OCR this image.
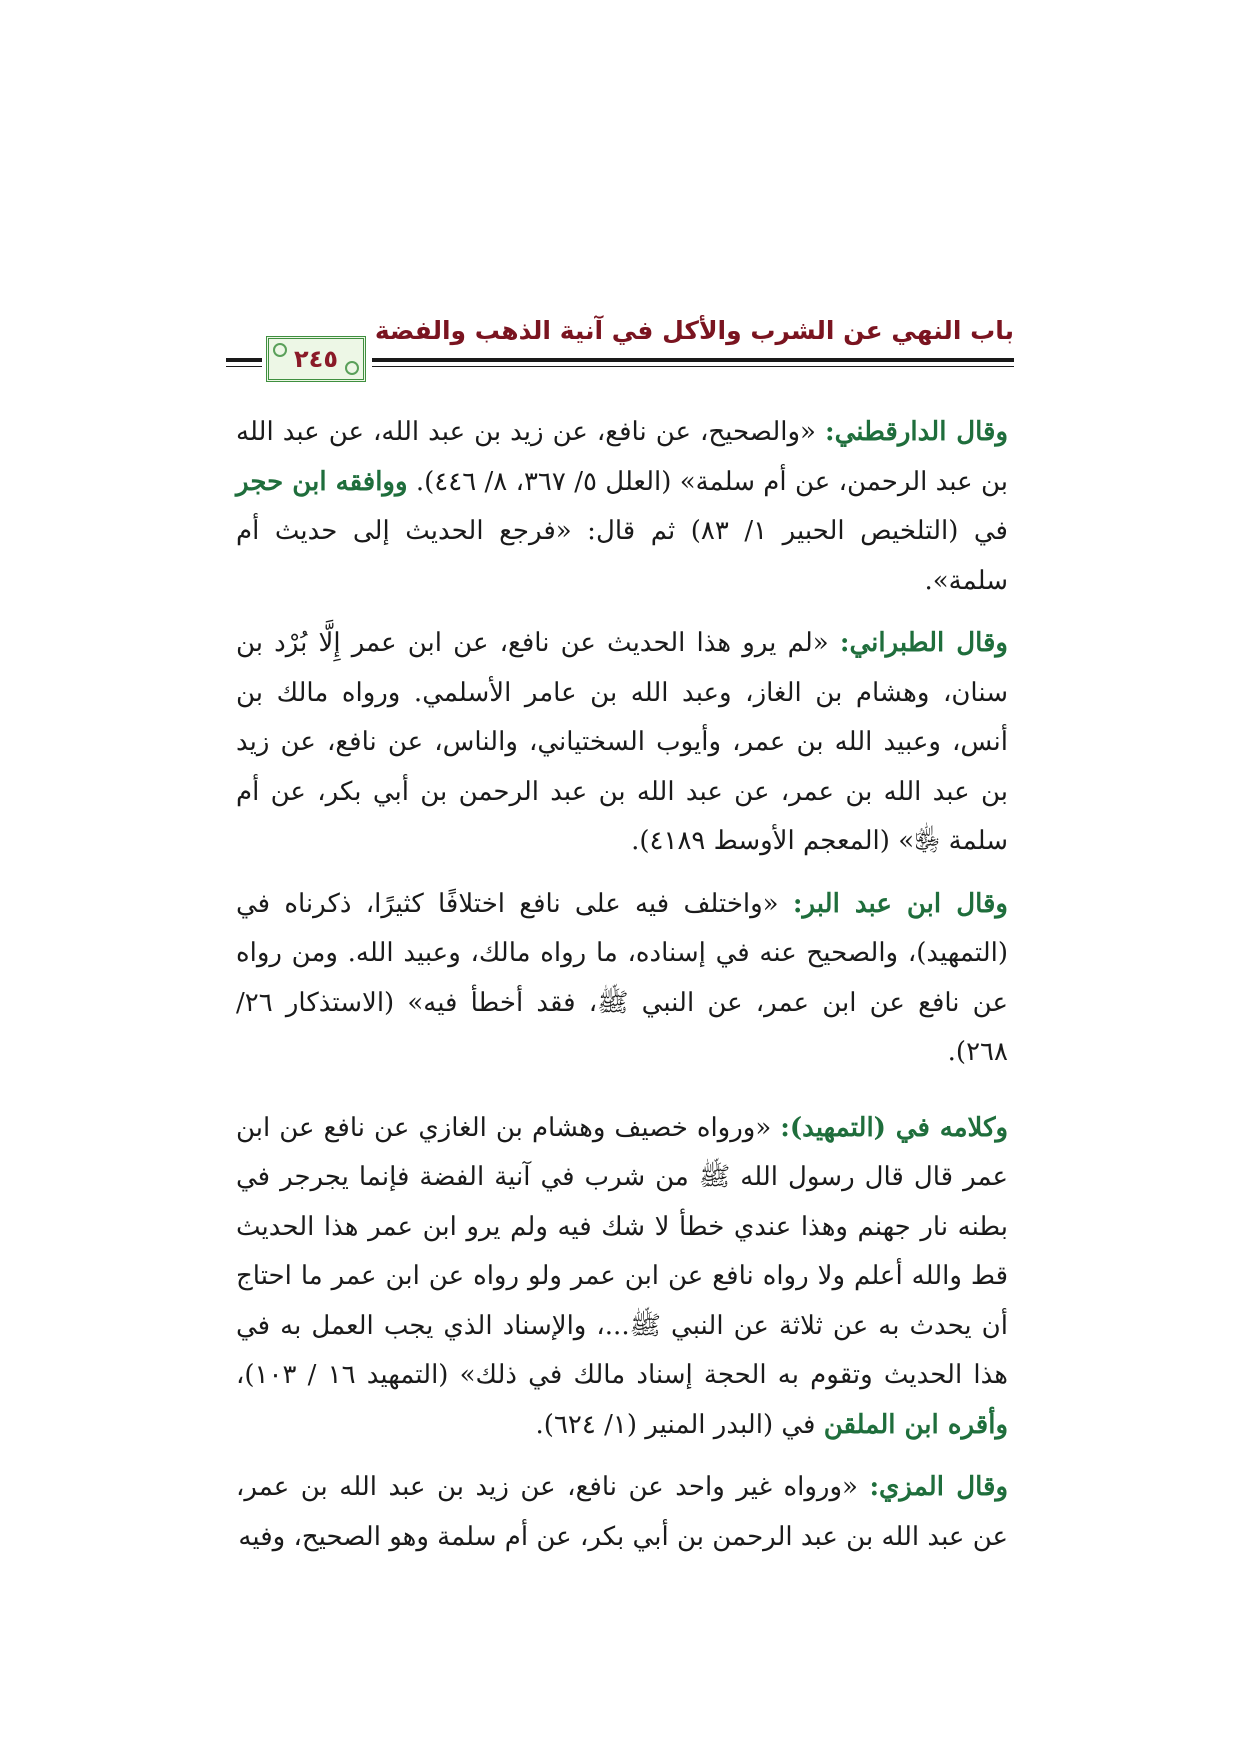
باب النهي عن الشرب والأكل في آنية الذهب والفضة
٢٤٥

وقال الدارقطني: «والصحيح، عن نافع، عن زيد بن عبد الله، عن عبد الله بن عبد الرحمن، عن أم سلمة» (العلل ٥/ ٣٦٧، ٨/ ٤٤٦). ووافقه ابن حجر في (التلخيص الحبير ١/ ٨٣) ثم قال: «فرجع الحديث إلى حديث أم سلمة».

وقال الطبراني: «لم يرو هذا الحديث عن نافع، عن ابن عمر إِلَّا بُرْد بن سنان، وهشام بن الغاز، وعبد الله بن عامر الأسلمي. ورواه مالك بن أنس، وعبيد الله بن عمر، وأيوب السختياني، والناس، عن نافع، عن زيد بن عبد الله بن عمر، عن عبد الله بن عبد الرحمن بن أبي بكر، عن أم سلمة ﵂» (المعجم الأوسط ٤١٨٩).

وقال ابن عبد البر: «واختلف فيه على نافع اختلافًا كثيرًا، ذكرناه في (التمهيد)، والصحيح عنه في إسناده، ما رواه مالك، وعبيد الله. ومن رواه عن نافع عن ابن عمر، عن النبي ﷺ، فقد أخطأ فيه» (الاستذكار ٢٦/ ٢٦٨).

وكلامه في (التمهيد): «ورواه خصيف وهشام بن الغازي عن نافع عن ابن عمر قال قال رسول الله ﷺ من شرب في آنية الفضة فإنما يجرجر في بطنه نار جهنم وهذا عندي خطأ لا شك فيه ولم يرو ابن عمر هذا الحديث قط والله أعلم ولا رواه نافع عن ابن عمر ولو رواه عن ابن عمر ما احتاج أن يحدث به عن ثلاثة عن النبي ﷺ...، والإسناد الذي يجب العمل به في هذا الحديث وتقوم به الحجة إسناد مالك في ذلك» (التمهيد ١٦ / ١٠٣)، وأقره ابن الملقن في (البدر المنير (١/ ٦٢٤).

وقال المزي: «ورواه غير واحد عن نافع، عن زيد بن عبد الله بن عمر، عن عبد الله بن عبد الرحمن بن أبي بكر، عن أم سلمة وهو الصحيح، وفيه
